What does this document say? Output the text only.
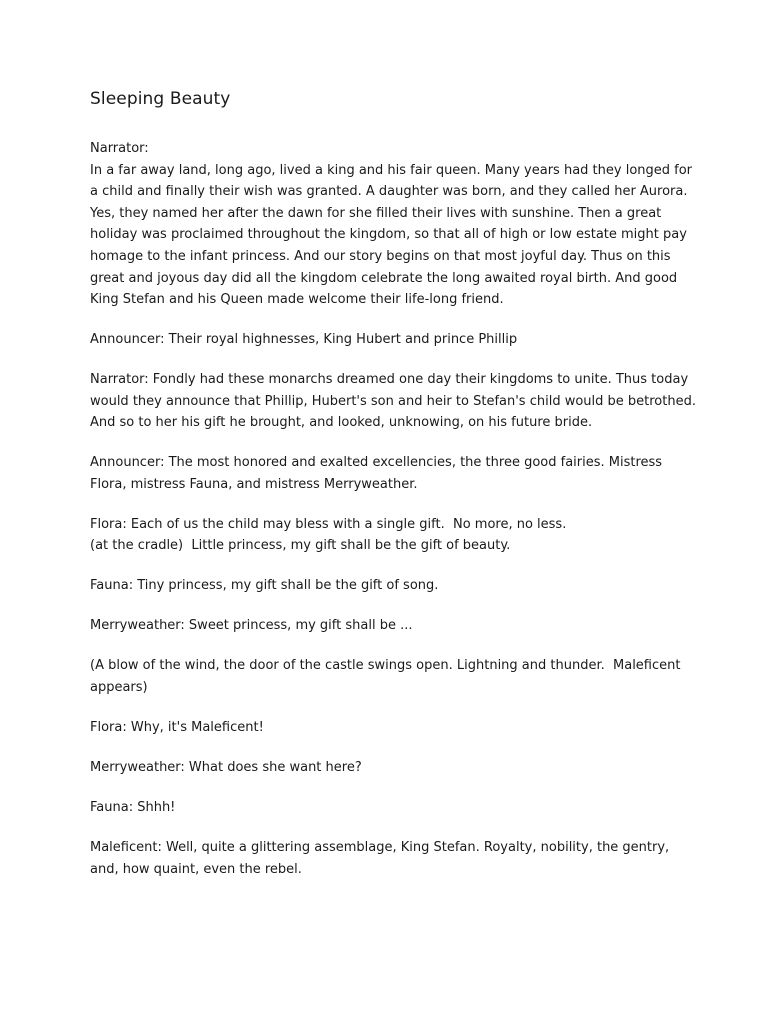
Sleeping Beauty

Narrator:
In a far away land, long ago, lived a king and his fair queen. Many years had they longed for
a child and finally their wish was granted. A daughter was born, and they called her Aurora.
Yes, they named her after the dawn for she filled their lives with sunshine. Then a great
holiday was proclaimed throughout the kingdom, so that all of high or low estate might pay
homage to the infant princess. And our story begins on that most joyful day. Thus on this
great and joyous day did all the kingdom celebrate the long awaited royal birth. And good
King Stefan and his Queen made welcome their life-long friend.

Announcer: Their royal highnesses, King Hubert and prince Phillip

Narrator: Fondly had these monarchs dreamed one day their kingdoms to unite. Thus today
would they announce that Phillip, Hubert's son and heir to Stefan's child would be betrothed.
And so to her his gift he brought, and looked, unknowing, on his future bride.

Announcer: The most honored and exalted excellencies, the three good fairies. Mistress
Flora, mistress Fauna, and mistress Merryweather.

Flora: Each of us the child may bless with a single gift.  No more, no less.
(at the cradle)  Little princess, my gift shall be the gift of beauty.

Fauna: Tiny princess, my gift shall be the gift of song.

Merryweather: Sweet princess, my gift shall be ...

(A blow of the wind, the door of the castle swings open. Lightning and thunder.  Maleficent
appears)

Flora: Why, it's Maleficent!

Merryweather: What does she want here?

Fauna: Shhh!

Maleficent: Well, quite a glittering assemblage, King Stefan. Royalty, nobility, the gentry,
and, how quaint, even the rebel.
